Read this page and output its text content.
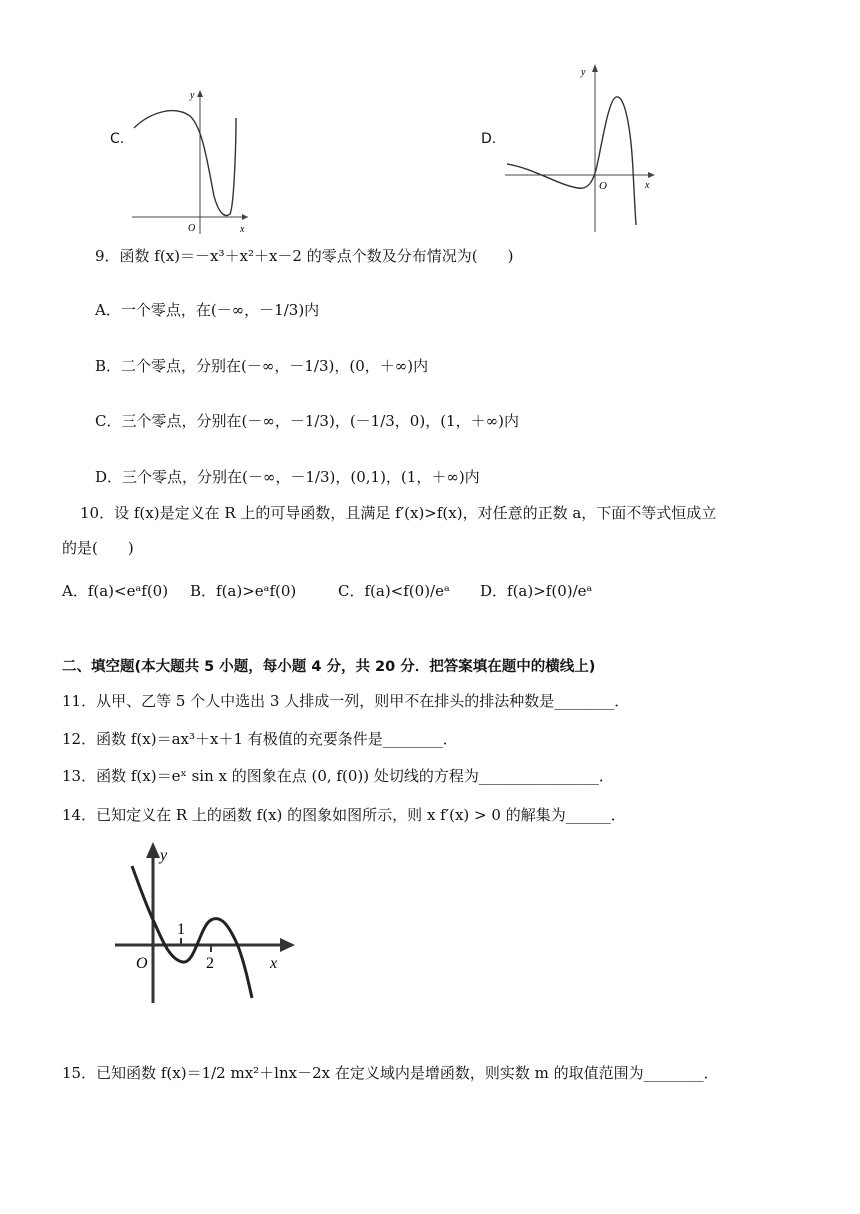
C.
y
x
O
D.
y
x
O
9．函数 f(x)＝－x³＋x²＋x－2 的零点个数及分布情况为(　　)
A．一个零点，在(－∞，－1/3)内
B．二个零点，分别在(－∞，－1/3)，(0，＋∞)内
C．三个零点，分别在(－∞，－1/3)，(－1/3，0)，(1，＋∞)内
D．三个零点，分别在(－∞，－1/3)，(0,1)，(1，＋∞)内
10．设 f(x)是定义在 R 上的可导函数，且满足 f′(x)>f(x)，对任意的正数 a，下面不等式恒成立
的是(　　)
A．f(a)<eᵃf(0) B．f(a)>eᵃf(0)	C．f(a)<f(0)/eᵃ D．f(a)>f(0)/eᵃ
二、填空题(本大题共 5 小题，每小题 4 分，共 20 分．把答案填在题中的横线上)
11．从甲、乙等 5 个人中选出 3 人排成一列，则甲不在排头的排法种数是________．
12．函数 f(x)＝ax³＋x＋1 有极值的充要条件是________．
13．函数 f(x)＝eˣ sin x 的图象在点 (0, f(0)) 处切线的方程为________________．
14．已知定义在 R 上的函数 f(x) 的图象如图所示，则 x f′(x) > 0 的解集为______．
y
x
O
1
2
15．已知函数 f(x)＝1/2 mx²＋lnx－2x 在定义域内是增函数，则实数 m 的取值范围为________．
